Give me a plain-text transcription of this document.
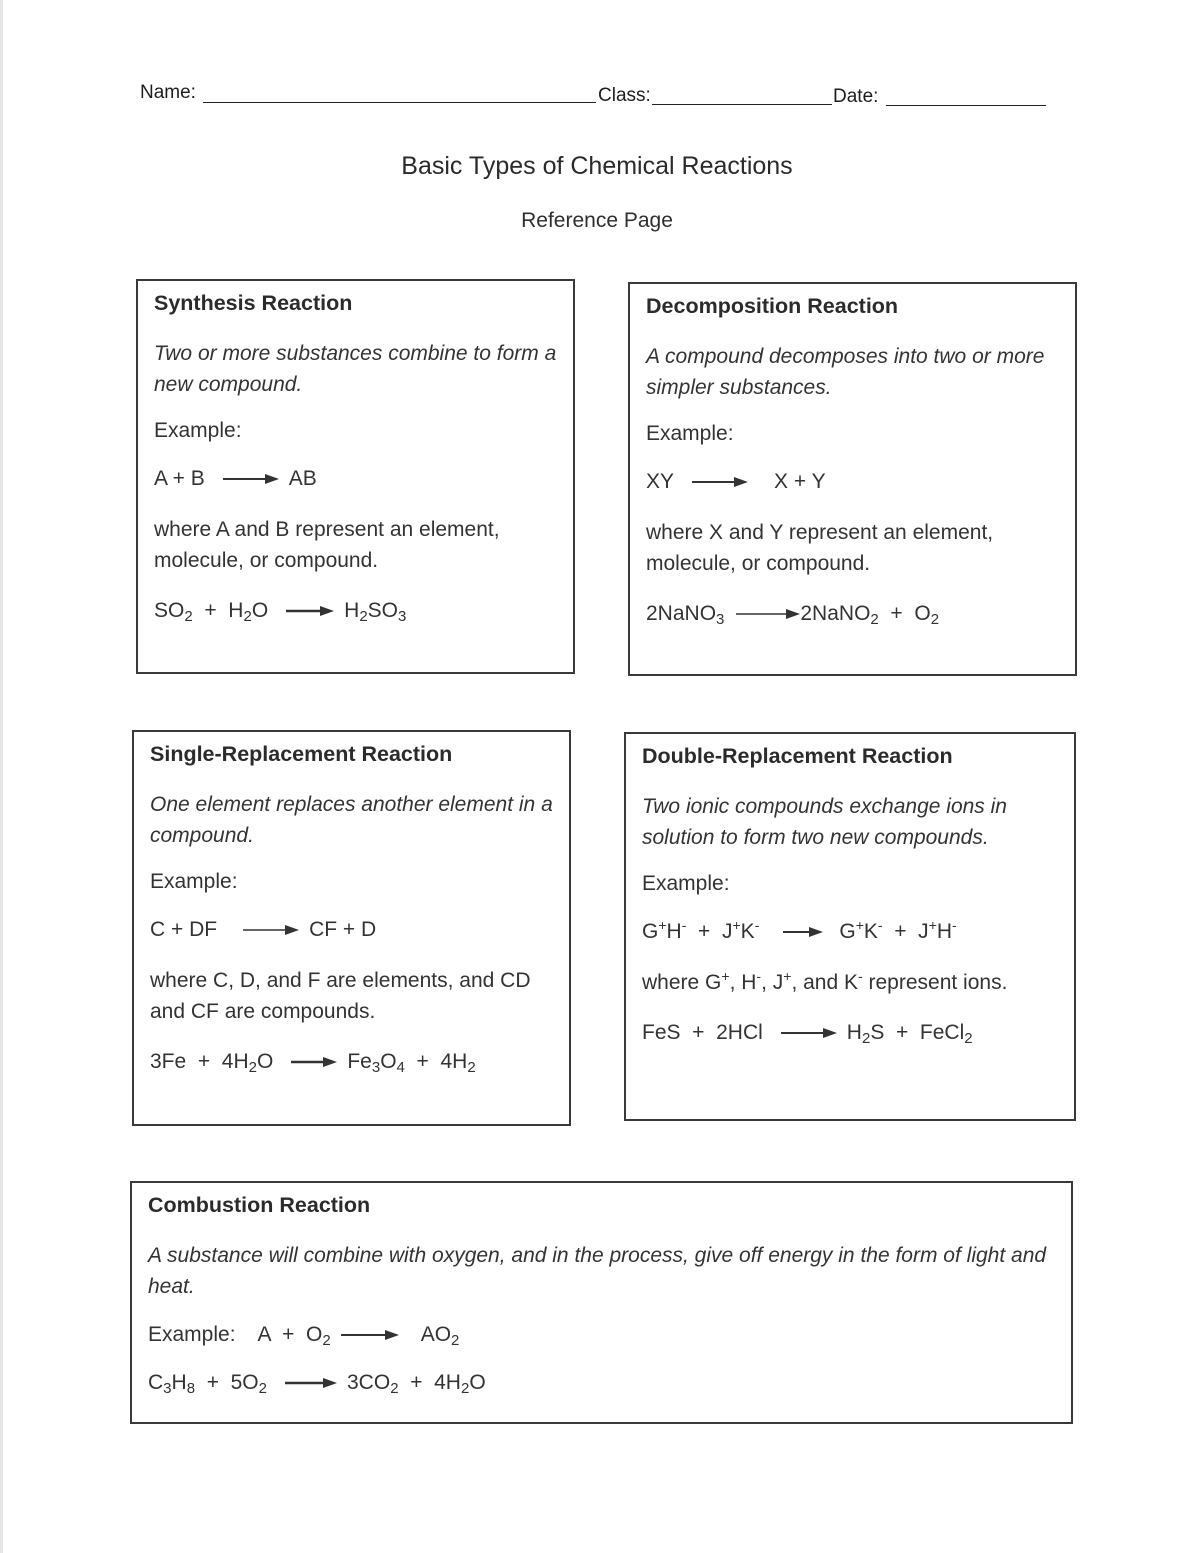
Name:	Class:	Date:
Basic Types of Chemical Reactions
Reference Page
Synthesis Reaction

Two or more substances combine to form a new compound.

Example:

A + B → AB

where A and B represent an element, molecule, or compound.

$SO_2 + H_2O \to H_2SO_3$

Decomposition Reaction

A compound decomposes into two or more simpler substances.

Example:

XY → X + Y

where X and Y represent an element, molecule, or compound.

2NaNO$_3$ →2NaNO$_2$  +  $O_2$

Single-Replacement Reaction

One element replaces another element in a compound.

Example:

C + DF → CF + D

where C, D, and F are elements, and CD and CF are compounds.

$3Fe + 4H_2O \to Fe_3O_4 + 4H_2$

Double-Replacement Reaction

Two ionic compounds exchange ions in solution to form two new compounds.

Example:

G+H-  +  J+K- → G+K-  +  J+H-

where G+, H-, J+, and K- represent ions.

FeS  +  $2HCl \to H_2S$  +  FeCl$_2$

Combustion Reaction

A substance will combine with oxygen, and in the process, give off energy in the form of light and heat.

Example: $A + O_2 \to AO_2$

$C_3H_8 + 5O_2 \to 3CO_2 + 4H_2O$
